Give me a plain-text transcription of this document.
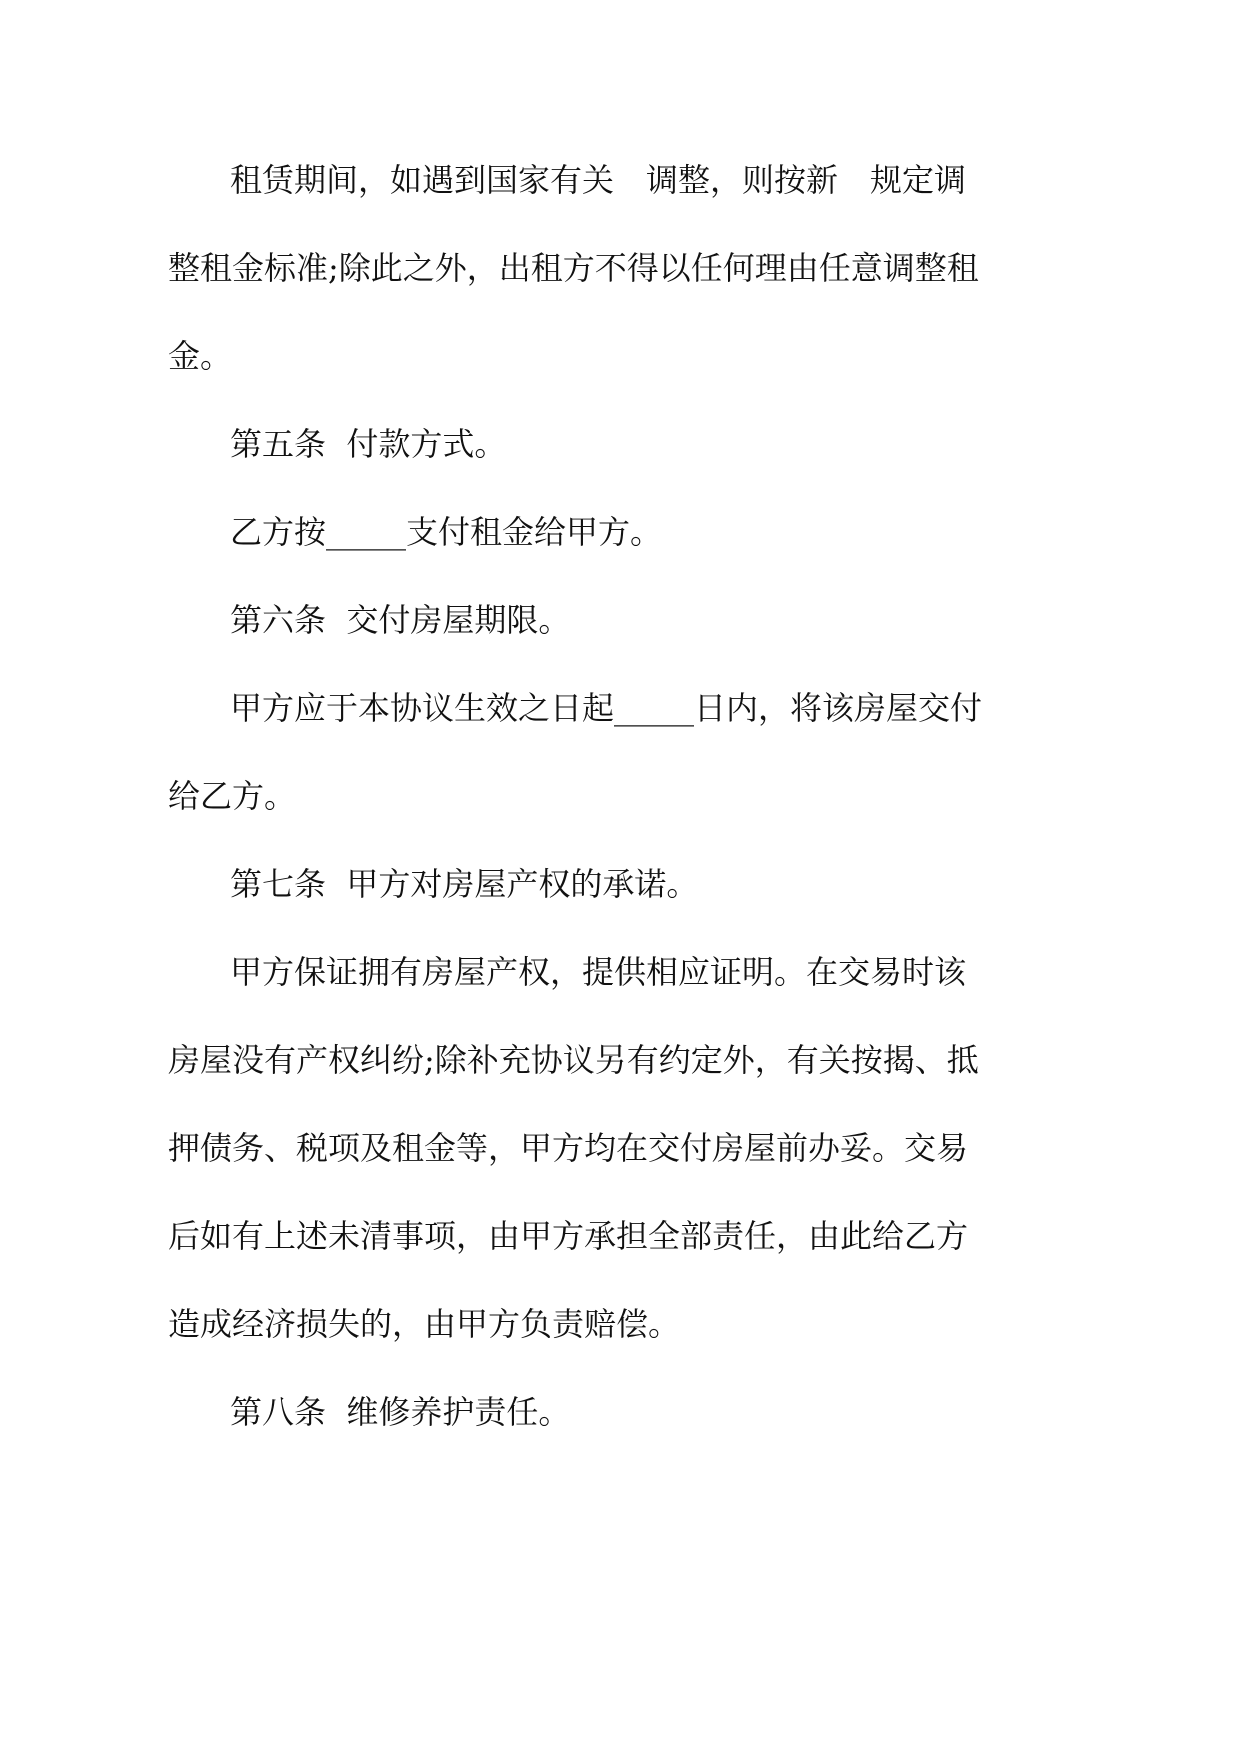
租赁期间，如遇到国家有关　调整，则按新　规定调
整租金标准;除此之外，出租方不得以任何理由任意调整租
金。
第五条  付款方式。
乙方按_____支付租金给甲方。
第六条  交付房屋期限。
甲方应于本协议生效之日起_____日内，将该房屋交付
给乙方。
第七条  甲方对房屋产权的承诺。
甲方保证拥有房屋产权，提供相应证明。在交易时该
房屋没有产权纠纷;除补充协议另有约定外，有关按揭、抵
押债务、税项及租金等，甲方均在交付房屋前办妥。交易
后如有上述未清事项，由甲方承担全部责任，由此给乙方
造成经济损失的，由甲方负责赔偿。
第八条  维修养护责任。
